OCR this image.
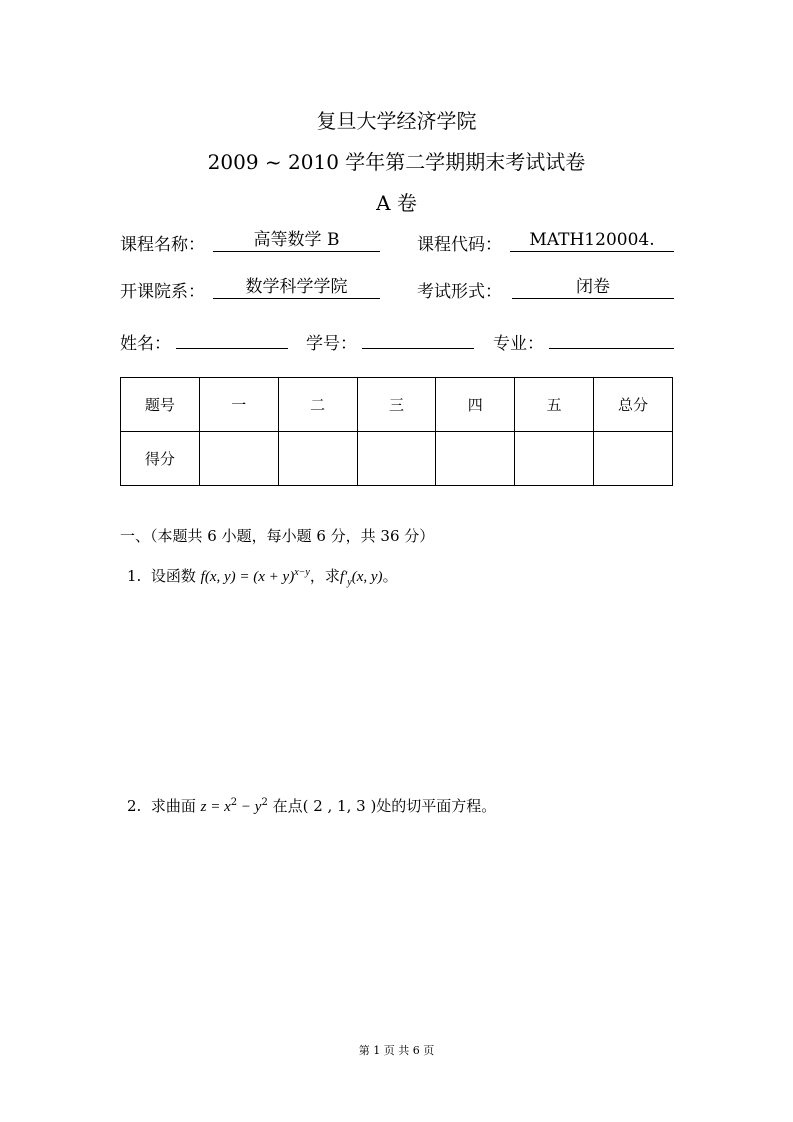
复旦大学经济学院
2009 ~ 2010 学年第二学期期末考试试卷
A 卷
课程名称：	高等数学 B	课程代码：	MATH120004.
开课院系：	数学科学学院	考试形式：	闭卷
姓名：	学号：	专业：
题号	一	二	三	四	五	总分
得分						
一、（本题共 6 小题，每小题 6 分，共 36 分）
1. 设函数 f(x, $y) = (x + y)^{x-y}$，求$f'_y(x$, y)。
2. 求曲面 $z = x^2 - y^2$ 在点( 2 , 1, 3 )处的切平面方程。
第 1 页 共 6 页
